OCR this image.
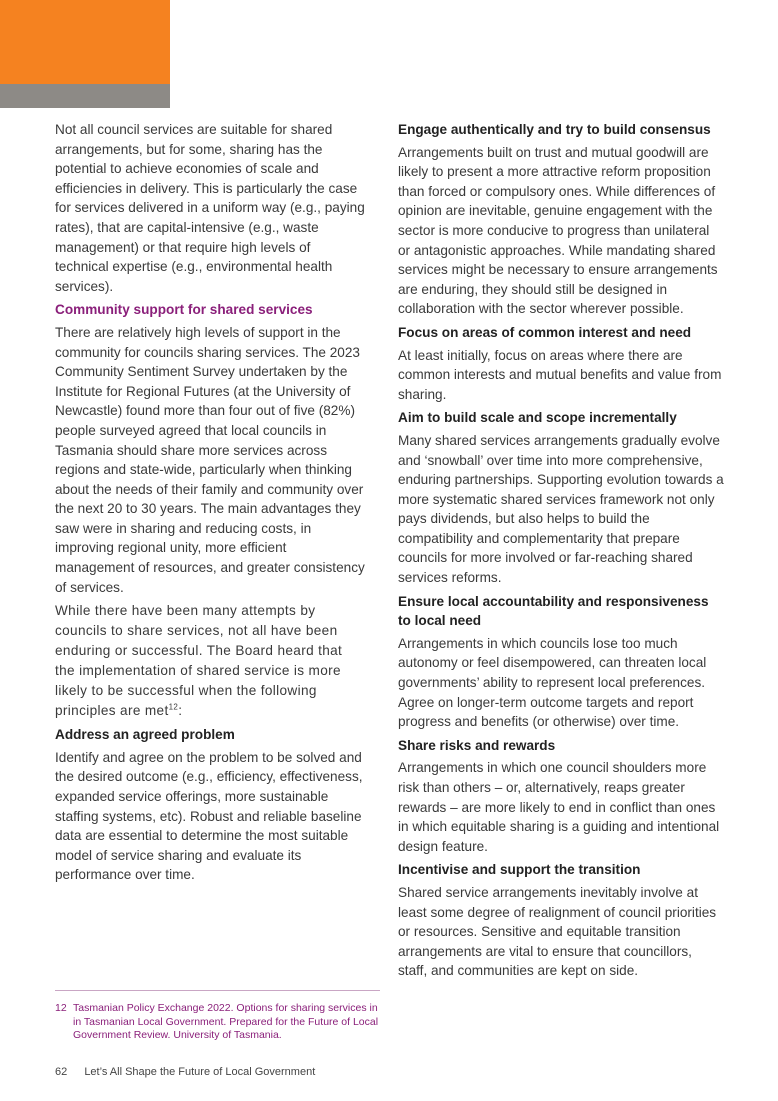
Not all council services are suitable for shared arrangements, but for some, sharing has the potential to achieve economies of scale and efficiencies in delivery. This is particularly the case for services delivered in a uniform way (e.g., paying rates), that are capital-intensive (e.g., waste management) or that require high levels of technical expertise (e.g., environmental health services).

Community support for shared services

There are relatively high levels of support in the community for councils sharing services. The 2023 Community Sentiment Survey undertaken by the Institute for Regional Futures (at the University of Newcastle) found more than four out of five (82%) people surveyed agreed that local councils in Tasmania should share more services across regions and state-wide, particularly when thinking about the needs of their family and community over the next 20 to 30 years. The main advantages they saw were in sharing and reducing costs, in improving regional unity, more efficient management of resources, and greater consistency of services.

While there have been many attempts by councils to share services, not all have been enduring or successful. The Board heard that the implementation of shared service is more likely to be successful when the following principles are met$^{12}$:

Address an agreed problem

Identify and agree on the problem to be solved and the desired outcome (e.g., efficiency, effectiveness, expanded service offerings, more sustainable staffing systems, etc). Robust and reliable baseline data are essential to determine the most suitable model of service sharing and evaluate its performance over time.

Engage authentically and try to build consensus

Arrangements built on trust and mutual goodwill are likely to present a more attractive reform proposition than forced or compulsory ones. While differences of opinion are inevitable, genuine engagement with the sector is more conducive to progress than unilateral or antagonistic approaches. While mandating shared services might be necessary to ensure arrangements are enduring, they should still be designed in collaboration with the sector wherever possible.

Focus on areas of common interest and need

At least initially, focus on areas where there are common interests and mutual benefits and value from sharing.

Aim to build scale and scope incrementally

Many shared services arrangements gradually evolve and ‘snowball’ over time into more comprehensive, enduring partnerships. Supporting evolution towards a more systematic shared services framework not only pays dividends, but also helps to build the compatibility and complementarity that prepare councils for more involved or far-reaching shared services reforms.

Ensure local accountability and responsiveness to local need

Arrangements in which councils lose too much autonomy or feel disempowered, can threaten local governments’ ability to represent local preferences. Agree on longer-term outcome targets and report progress and benefits (or otherwise) over time.

Share risks and rewards

Arrangements in which one council shoulders more risk than others – or, alternatively, reaps greater rewards – are more likely to end in conflict than ones in which equitable sharing is a guiding and intentional design feature.

Incentivise and support the transition

Shared service arrangements inevitably involve at least some degree of realignment of council priorities or resources. Sensitive and equitable transition arrangements are vital to ensure that councillors, staff, and communities are kept on side.

12 Tasmanian Policy Exchange 2022. Options for sharing services in in Tasmanian Local Government. Prepared for the Future of Local Government Review. University of Tasmania.
62 Let’s All Shape the Future of Local Government
